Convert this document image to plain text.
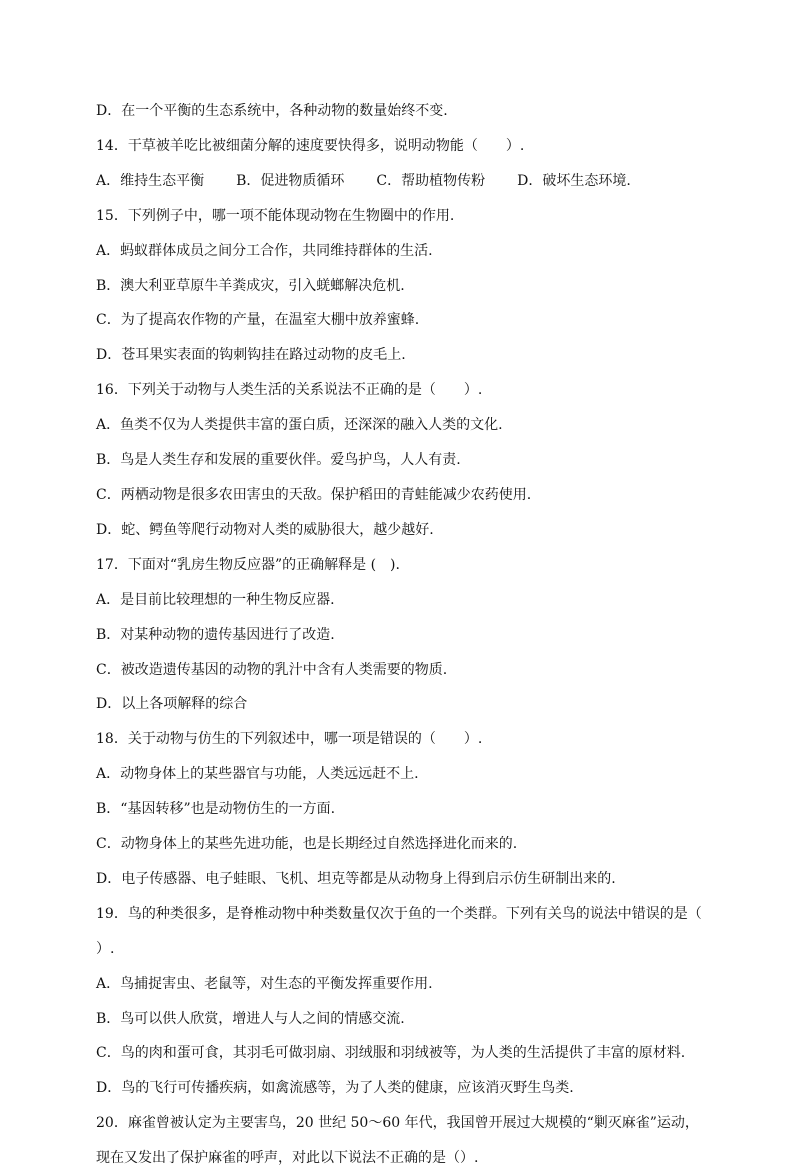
D．在一个平衡的生态系统中，各种动物的数量始终不变.
14．干草被羊吃比被细菌分解的速度要快得多，说明动物能（　　）.
A．维持生态平衡 B．促进物质循环 C．帮助植物传粉 D．破坏生态环境.
15．下列例子中，哪一项不能体现动物在生物圈中的作用.
A．蚂蚁群体成员之间分工合作，共同维持群体的生活.
B．澳大利亚草原牛羊粪成灾，引入蜣螂解决危机.
C．为了提高农作物的产量，在温室大棚中放养蜜蜂.
D．苍耳果实表面的钩刺钩挂在路过动物的皮毛上.
16．下列关于动物与人类生活的关系说法不正确的是（　　）.
A．鱼类不仅为人类提供丰富的蛋白质，还深深的融入人类的文化.
B．鸟是人类生存和发展的重要伙伴。爱鸟护鸟，人人有责.
C．两栖动物是很多农田害虫的天敌。保护稻田的青蛙能减少农药使用.
D．蛇、鳄鱼等爬行动物对人类的威胁很大，越少越好.
17．下面对“乳房生物反应器”的正确解释是 (　).
A．是目前比较理想的一种生物反应器.
B．对某种动物的遗传基因进行了改造.
C．被改造遗传基因的动物的乳汁中含有人类需要的物质.
D．以上各项解释的综合
18．关于动物与仿生的下列叙述中，哪一项是错误的（　　）.
A．动物身体上的某些器官与功能，人类远远赶不上.
B．“基因转移”也是动物仿生的一方面.
C．动物身体上的某些先进功能，也是长期经过自然选择进化而来的.
D．电子传感器、电子蛙眼、飞机、坦克等都是从动物身上得到启示仿生研制出来的.
19．鸟的种类很多，是脊椎动物中种类数量仅次于鱼的一个类群。下列有关鸟的说法中错误的是（
）.
A．鸟捕捉害虫、老鼠等，对生态的平衡发挥重要作用.
B．鸟可以供人欣赏，增进人与人之间的情感交流.
C．鸟的肉和蛋可食，其羽毛可做羽扇、羽绒服和羽绒被等，为人类的生活提供了丰富的原材料.
D．鸟的飞行可传播疾病，如禽流感等，为了人类的健康，应该消灭野生鸟类.
20．麻雀曾被认定为主要害鸟，20 世纪 50～60 年代，我国曾开展过大规模的“剿灭麻雀”运动，
现在又发出了保护麻雀的呼声，对此以下说法不正确的是（）.
